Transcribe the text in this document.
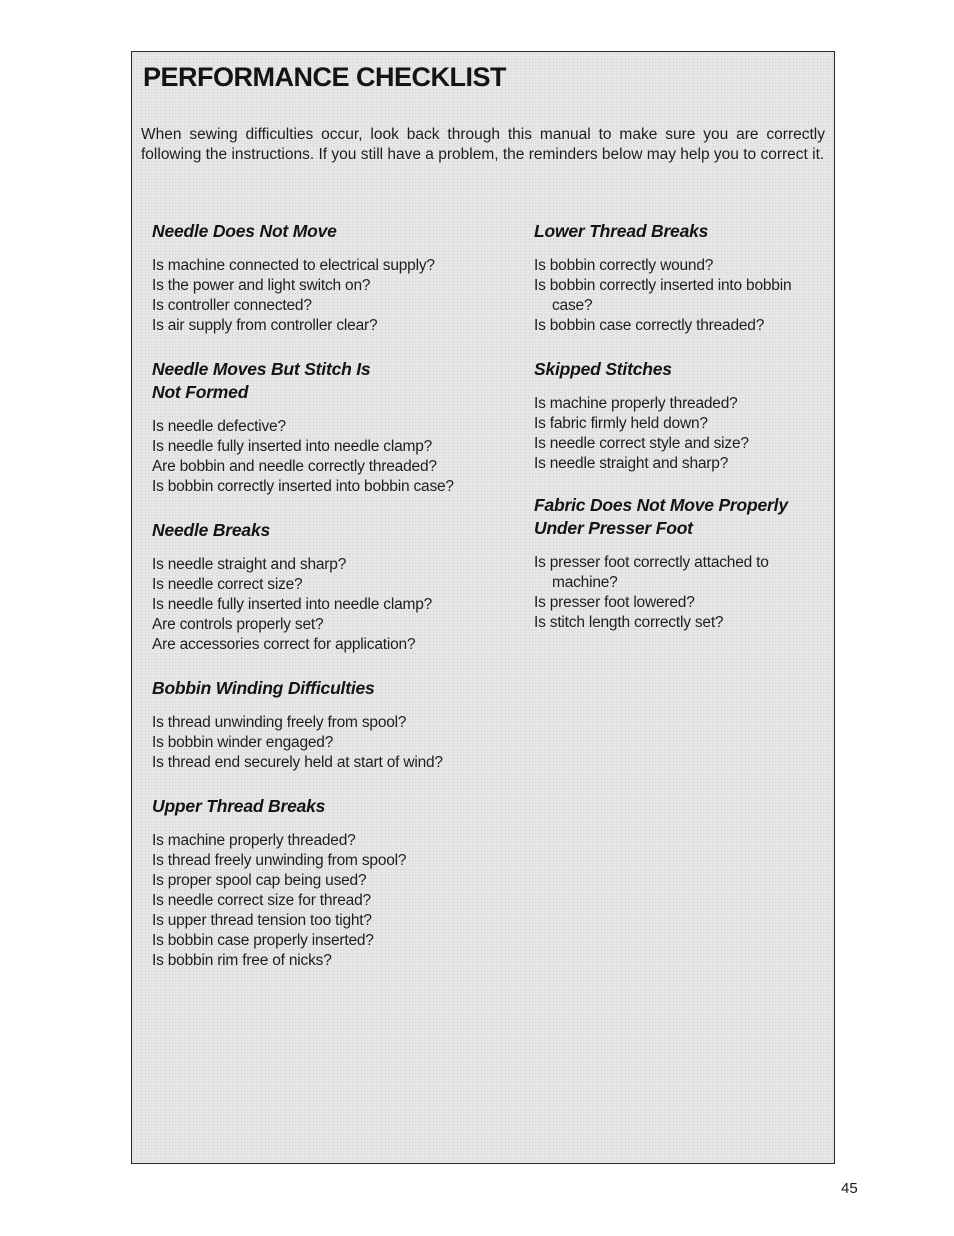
PERFORMANCE CHECKLIST

When sewing difficulties occur, look back through this manual to make sure you are correctly following the instructions. If you still have a problem, the reminders below may help you to correct it.

Needle Does Not Move
Is machine connected to electrical supply?
Is the power and light switch on?
Is controller connected?
Is air supply from controller clear?
Needle Moves But Stitch Is Not Formed
Is needle defective?
Is needle fully inserted into needle clamp?
Are bobbin and needle correctly threaded?
Is bobbin correctly inserted into bobbin case?
Needle Breaks
Is needle straight and sharp?
Is needle correct size?
Is needle fully inserted into needle clamp?
Are controls properly set?
Are accessories correct for application?
Bobbin Winding Difficulties
Is thread unwinding freely from spool?
Is bobbin winder engaged?
Is thread end securely held at start of wind?
Upper Thread Breaks
Is machine properly threaded?
Is thread freely unwinding from spool?
Is proper spool cap being used?
Is needle correct size for thread?
Is upper thread tension too tight?
Is bobbin case properly inserted?
Is bobbin rim free of nicks?
Lower Thread Breaks
Is bobbin correctly wound?
Is bobbin correctly inserted into bobbin case?
Is bobbin case correctly threaded?
Skipped Stitches
Is machine properly threaded?
Is fabric firmly held down?
Is needle correct style and size?
Is needle straight and sharp?
Fabric Does Not Move Properly Under Presser Foot
Is presser foot correctly attached to machine?
Is presser foot lowered?
Is stitch length correctly set?
45
